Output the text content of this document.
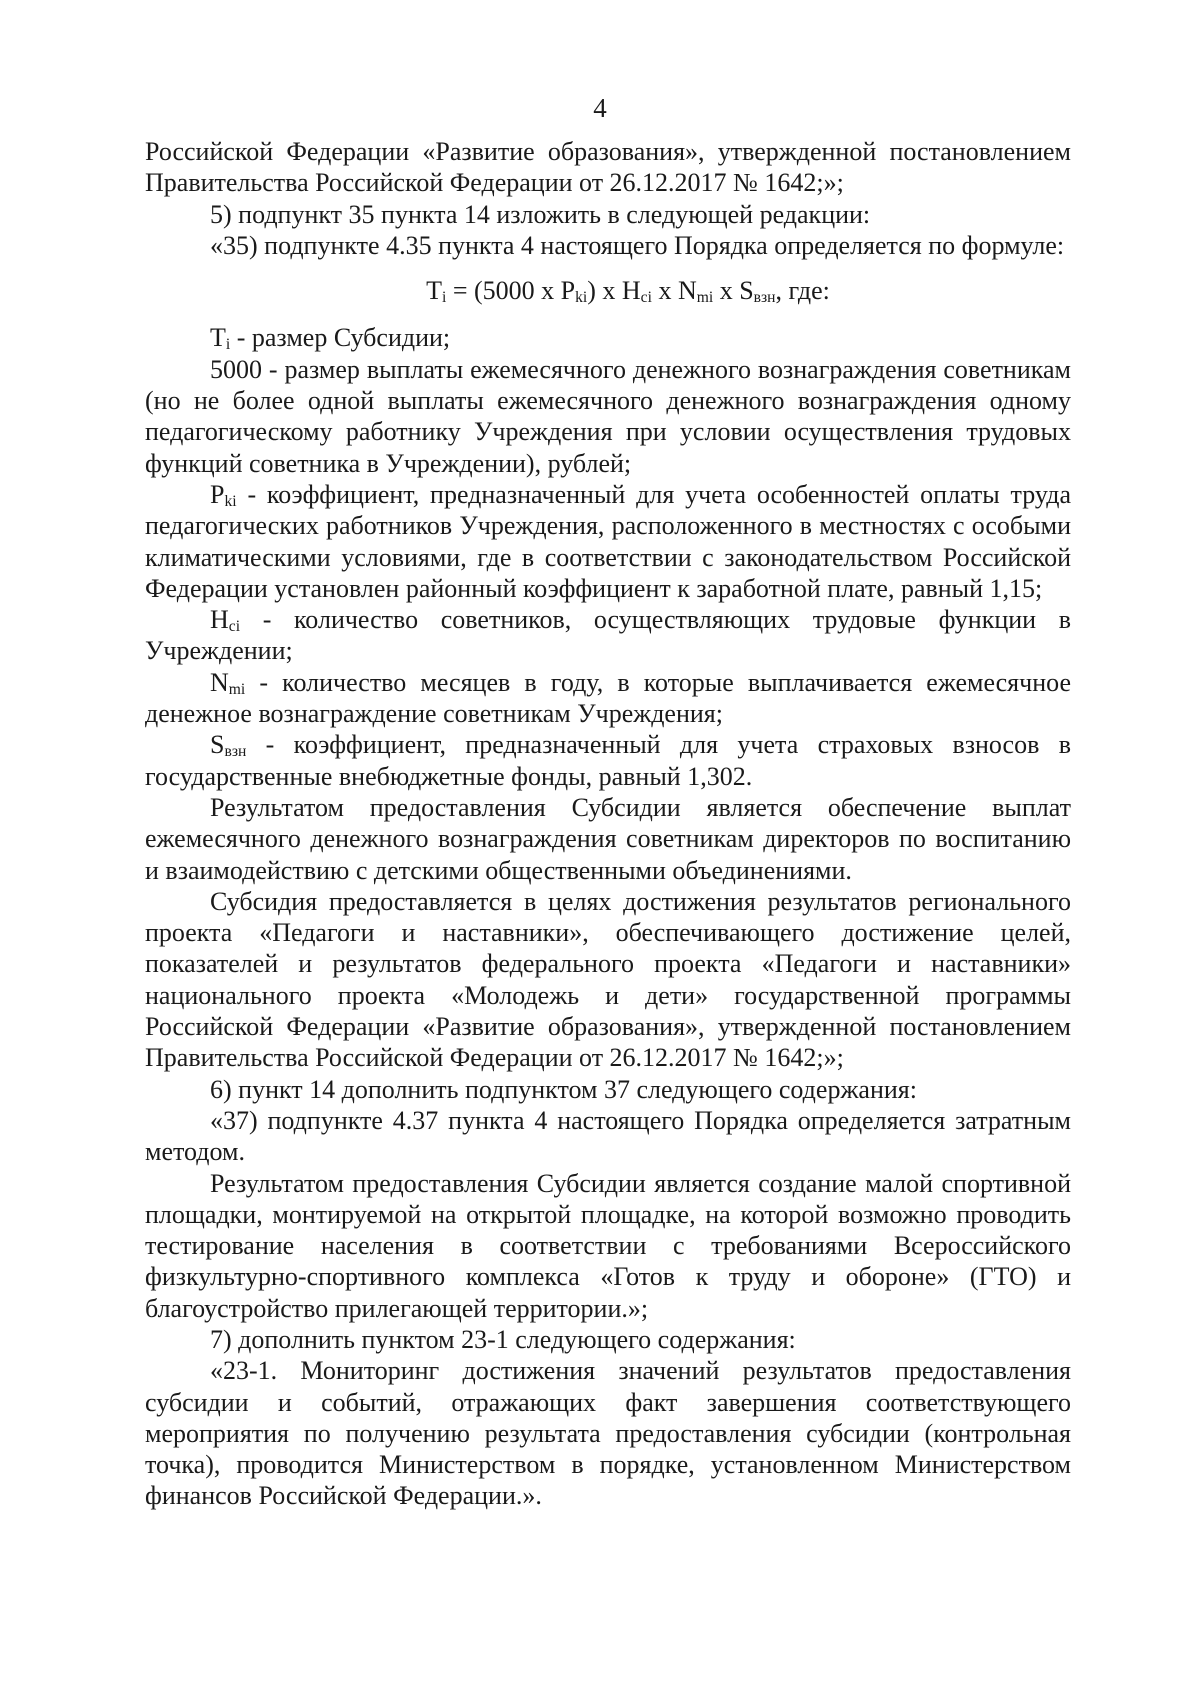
4

Российской Федерации «Развитие образования», утвержденной постановлением Правительства Российской Федерации от 26.12.2017 № 1642;»;

5) подпункт 35 пункта 14 изложить в следующей редакции:

«35) подпункте 4.35 пункта 4 настоящего Порядка определяется по формуле:

$T_i = (5000$ x $P_{ki}$) x $H_{ci}$ x $N_{mi}$ x $S_{взн}$, где:

$T_i$ - размер Субсидии;

5000 - размер выплаты ежемесячного денежного вознаграждения советникам (но не более одной выплаты ежемесячного денежного вознаграждения одному педагогическому работнику Учреждения при условии осуществления трудовых функций советника в Учреждении), рублей;

$P_{ki}$ - коэффициент, предназначенный для учета особенностей оплаты труда педагогических работников Учреждения, расположенного в местностях с особыми климатическими условиями, где в соответствии с законодательством Российской Федерации установлен районный коэффициент к заработной плате, равный 1,15;

$H_{ci}$ - количество советников, осуществляющих трудовые функции в Учреждении;

$N_{mi}$ - количество месяцев в году, в которые выплачивается ежемесячное денежное вознаграждение советникам Учреждения;

$S_{взн}$ - коэффициент, предназначенный для учета страховых взносов в государственные внебюджетные фонды, равный 1,302.

Результатом предоставления Субсидии является обеспечение выплат ежемесячного денежного вознаграждения советникам директоров по воспитанию и взаимодействию с детскими общественными объединениями.

Субсидия предоставляется в целях достижения результатов регионального проекта «Педагоги и наставники», обеспечивающего достижение целей, показателей и результатов федерального проекта «Педагоги и наставники» национального проекта «Молодежь и дети» государственной программы Российской Федерации «Развитие образования», утвержденной постановлением Правительства Российской Федерации от 26.12.2017 № 1642;»;

6) пункт 14 дополнить подпунктом 37 следующего содержания:

«37) подпункте 4.37 пункта 4 настоящего Порядка определяется затратным методом.

Результатом предоставления Субсидии является создание малой спортивной площадки, монтируемой на открытой площадке, на которой возможно проводить тестирование населения в соответствии с требованиями Всероссийского физкультурно-спортивного комплекса «Готов к труду и обороне» (ГТО) и благоустройство прилегающей территории.»;

7) дополнить пунктом 23-1 следующего содержания:

«23-1. Мониторинг достижения значений результатов предоставления субсидии и событий, отражающих факт завершения соответствующего мероприятия по получению результата предоставления субсидии (контрольная точка), проводится Министерством в порядке, установленном Министерством финансов Российской Федерации.».
